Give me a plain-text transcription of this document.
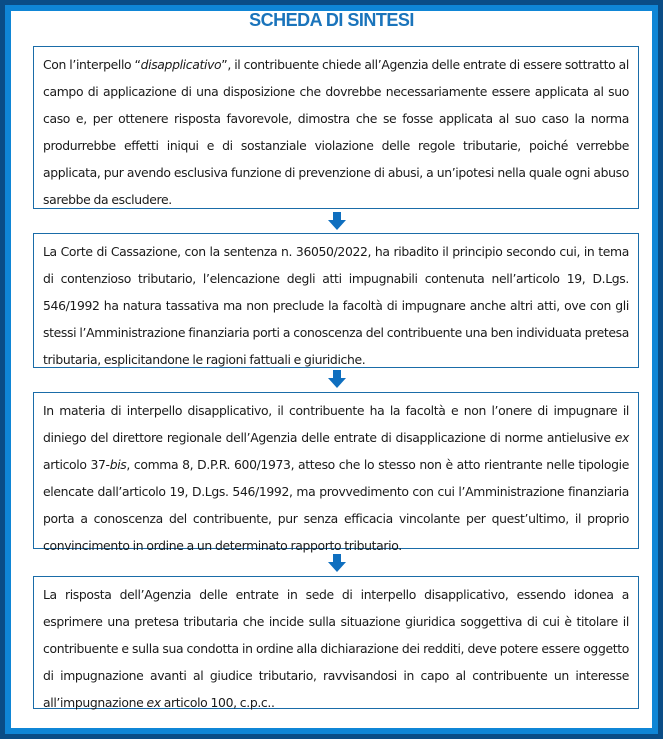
SCHEDA DI SINTESI
Con l’interpello “disapplicativo”, il contribuente chiede all’Agenzia delle entrate di essere sottratto al campo di applicazione di una disposizione che dovrebbe necessariamente essere applicata al suo caso e, per ottenere risposta favorevole, dimostra che se fosse applicata al suo caso la norma produrrebbe effetti iniqui e di sostanziale violazione delle regole tributarie, poiché verrebbe applicata, pur avendo esclusiva funzione di prevenzione di abusi, a un’ipotesi nella quale ogni abuso sarebbe da escludere.
La Corte di Cassazione, con la sentenza n. 36050/2022, ha ribadito il principio secondo cui, in tema di contenzioso tributario, l’elencazione degli atti impugnabili contenuta nell’articolo 19, D.Lgs. 546/1992 ha natura tassativa ma non preclude la facoltà di impugnare anche altri atti, ove con gli stessi l’Amministrazione finanziaria porti a conoscenza del contribuente una ben individuata pretesa tributaria, esplicitandone le ragioni fattuali e giuridiche.
In materia di interpello disapplicativo, il contribuente ha la facoltà e non l’onere di impugnare il diniego del direttore regionale dell’Agenzia delle entrate di disapplicazione di norme antielusive ex articolo 37-bis, comma 8, D.P.R. 600/1973, atteso che lo stesso non è atto rientrante nelle tipologie elencate dall’articolo 19, D.Lgs. 546/1992, ma provvedimento con cui l’Amministrazione finanziaria porta a conoscenza del contribuente, pur senza efficacia vincolante per quest’ultimo, il proprio convincimento in ordine a un determinato rapporto tributario.
La risposta dell’Agenzia delle entrate in sede di interpello disapplicativo, essendo idonea a esprimere una pretesa tributaria che incide sulla situazione giuridica soggettiva di cui è titolare il contribuente e sulla sua condotta in ordine alla dichiarazione dei redditi, deve potere essere oggetto di impugnazione avanti al giudice tributario, ravvisandosi in capo al contribuente un interesse all’impugnazione ex articolo 100, c.p.c..
